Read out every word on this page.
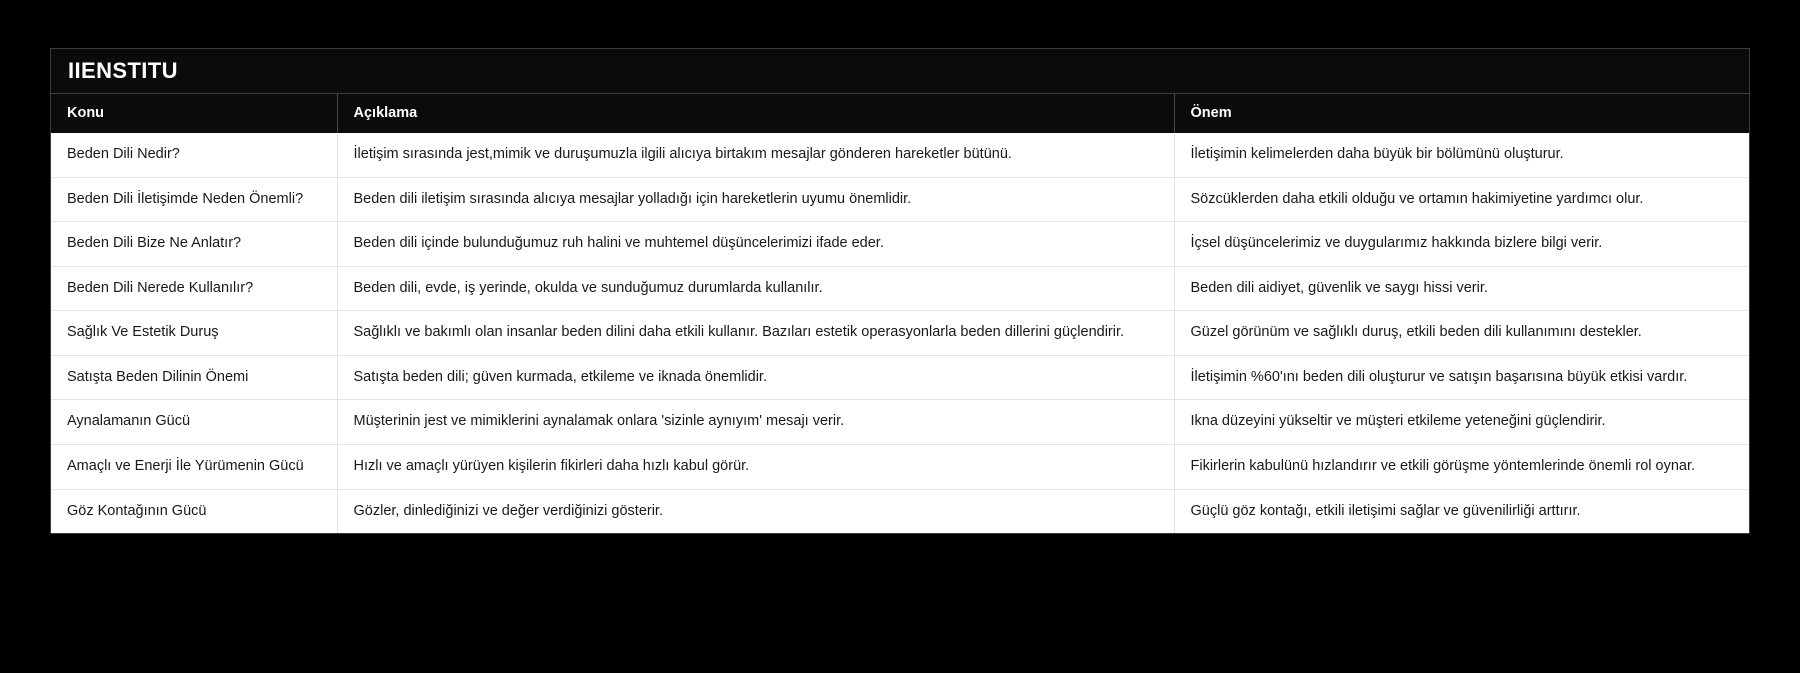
IIENSTITU
Konu	Açıklama	Önem
Beden Dili Nedir?	İletişim sırasında jest,mimik ve duruşumuzla ilgili alıcıya birtakım mesajlar gönderen hareketler bütünü.	İletişimin kelimelerden daha büyük bir bölümünü oluşturur.
Beden Dili İletişimde Neden Önemli?	Beden dili iletişim sırasında alıcıya mesajlar yolladığı için hareketlerin uyumu önemlidir.	Sözcüklerden daha etkili olduğu ve ortamın hakimiyetine yardımcı olur.
Beden Dili Bize Ne Anlatır?	Beden dili içinde bulunduğumuz ruh halini ve muhtemel düşüncelerimizi ifade eder.	İçsel düşüncelerimiz ve duygularımız hakkında bizlere bilgi verir.
Beden Dili Nerede Kullanılır?	Beden dili, evde, iş yerinde, okulda ve sunduğumuz durumlarda kullanılır.	Beden dili aidiyet, güvenlik ve saygı hissi verir.
Sağlık Ve Estetik Duruş	Sağlıklı ve bakımlı olan insanlar beden dilini daha etkili kullanır. Bazıları estetik operasyonlarla beden dillerini güçlendirir.	Güzel görünüm ve sağlıklı duruş, etkili beden dili kullanımını destekler.
Satışta Beden Dilinin Önemi	Satışta beden dili; güven kurmada, etkileme ve iknada önemlidir.	İletişimin %60'ını beden dili oluşturur ve satışın başarısına büyük etkisi vardır.
Aynalamanın Gücü	Müşterinin jest ve mimiklerini aynalamak onlara 'sizinle aynıyım' mesajı verir.	Ikna düzeyini yükseltir ve müşteri etkileme yeteneğini güçlendirir.
Amaçlı ve Enerji İle Yürümenin Gücü	Hızlı ve amaçlı yürüyen kişilerin fikirleri daha hızlı kabul görür.	Fikirlerin kabulünü hızlandırır ve etkili görüşme yöntemlerinde önemli rol oynar.
Göz Kontağının Gücü	Gözler, dinlediğinizi ve değer verdiğinizi gösterir.	Güçlü göz kontağı, etkili iletişimi sağlar ve güvenilirliği arttırır.
